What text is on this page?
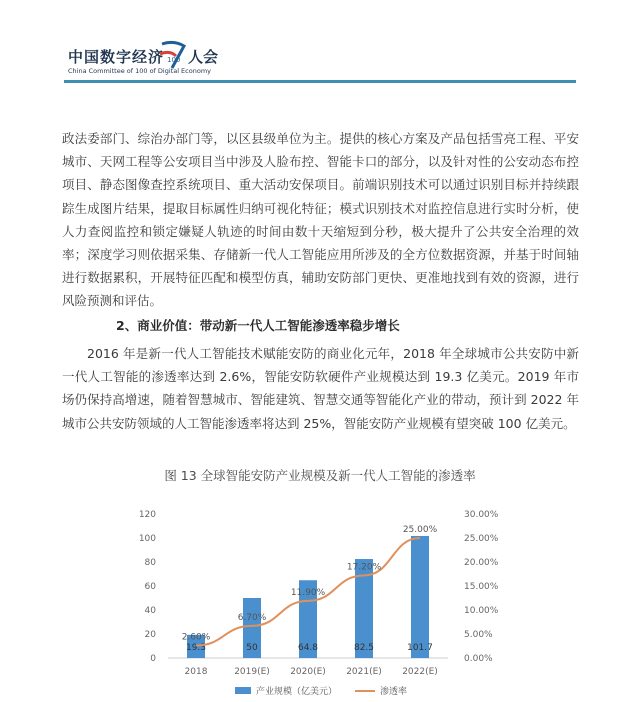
中国数字经济 100 人会
China Committee of 100 of Digital Economy

政法委部门、综治办部门等，以区县级单位为主。提供的核心方案及产品包括雪亮工程、平安城市、天网工程等公安项目当中涉及人脸布控、智能卡口的部分，以及针对性的公安动态布控项目、静态图像查控系统项目、重大活动安保项目。前端识别技术可以通过识别目标并持续跟踪生成图片结果，提取目标属性归纳可视化特征；模式识别技术对监控信息进行实时分析，使人力查阅监控和锁定嫌疑人轨迹的时间由数十天缩短到分秒，极大提升了公共安全治理的效率；深度学习则依据采集、存储新一代人工智能应用所涉及的全方位数据资源，并基于时间轴进行数据累积，开展特征匹配和模型仿真，辅助安防部门更快、更准地找到有效的资源，进行风险预测和评估。

2、商业价值：带动新一代人工智能渗透率稳步增长

2016 年是新一代人工智能技术赋能安防的商业化元年，2018 年全球城市公共安防中新一代人工智能的渗透率达到 2.6%，智能安防软硬件产业规模达到 19.3 亿美元。2019 年市场仍保持高增速，随着智慧城市、智能建筑、智慧交通等智能化产业的带动，预计到 2022 年城市公共安防领域的人工智能渗透率将达到 25%，智能安防产业规模有望突破 100 亿美元。

图 13 全球智能安防产业规模及新一代人工智能的渗透率

0
20
40
60
80
100
120
0.00%
5.00%
10.00%
15.00%
20.00%
25.00%
30.00%
19.3	50	64.8	82.5	101.7
2.60%
6.70%
11.90%
17.20%
25.00%
2018	2019(E) 2020(E) 2021(E) 2022(E)
产业规模（亿美元）	渗透率
